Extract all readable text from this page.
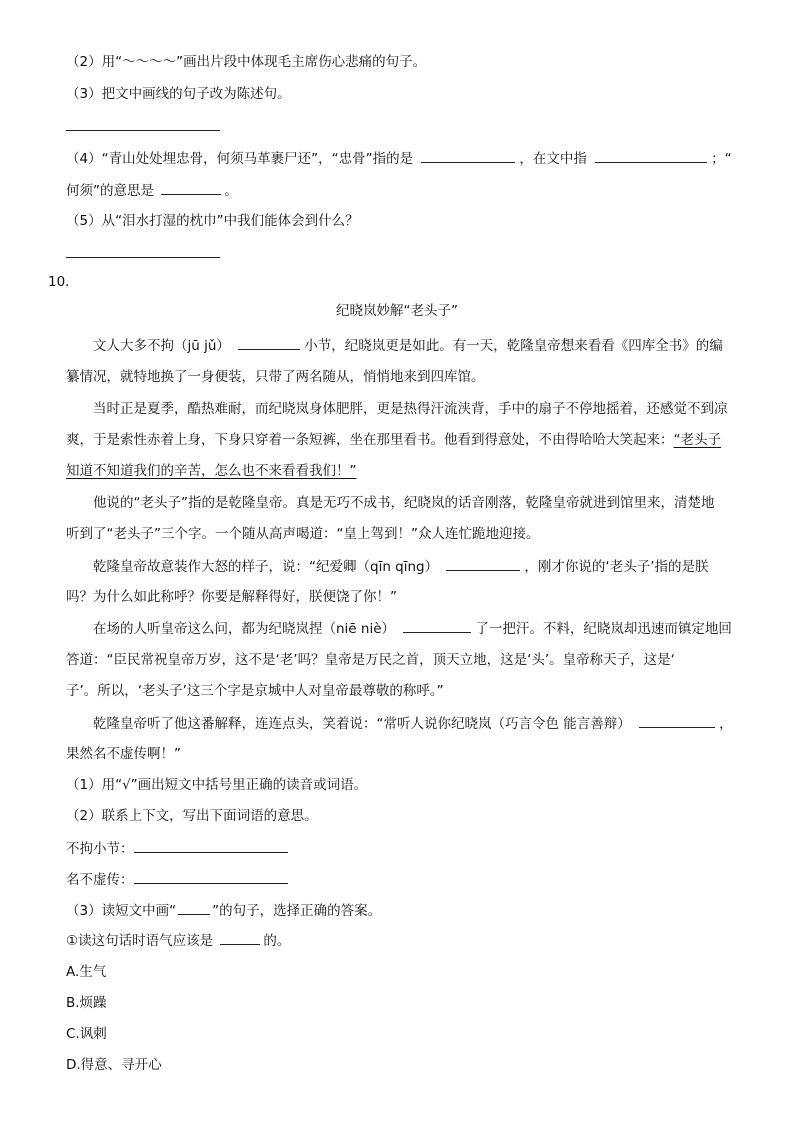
（2）用“～～～～”画出片段中体现毛主席伤心悲痛的句子。
（3）把文中画线的句子改为陈述句。
（4）“青山处处埋忠骨，何须马革裹尸还”，“忠骨”指的是	，在文中指	；“
何须”的意思是	。
（5）从“泪水打湿的枕巾”中我们能体会到什么？
10．
纪晓岚妙解“老头子”
文人大多不拘（jū jǔ）	小节，纪晓岚更是如此。有一天，乾隆皇帝想来看看《四库全书》的编
纂情况，就特地换了一身便装，只带了两名随从，悄悄地来到四库馆。
当时正是夏季，酷热难耐，而纪晓岚身体肥胖，更是热得汗流浃背，手中的扇子不停地摇着，还感觉不到凉
爽，于是索性赤着上身，下身只穿着一条短裤，坐在那里看书。他看到得意处，不由得哈哈大笑起来：“老头子
知道不知道我们的辛苦，怎么也不来看看我们！”
他说的“老头子”指的是乾隆皇帝。真是无巧不成书，纪晓岚的话音刚落，乾隆皇帝就进到馆里来，清楚地
听到了“老头子”三个字。一个随从高声喝道：“皇上驾到！”众人连忙跪地迎接。
乾隆皇帝故意装作大怒的样子，说：“纪爱卿（qīn qīng）	，刚才你说的‘老头子’指的是朕
吗？为什么如此称呼？你要是解释得好，朕便饶了你！”
在场的人听皇帝这么问，都为纪晓岚捏（niē niè）	了一把汗。不料，纪晓岚却迅速而镇定地回
答道：“臣民常祝皇帝万岁，这不是‘老’吗？皇帝是万民之首，顶天立地，这是‘头’。皇帝称天子，这是‘
子’。所以，‘老头子’这三个字是京城中人对皇帝最尊敬的称呼。”
乾隆皇帝听了他这番解释，连连点头，笑着说：“常听人说你纪晓岚（巧言令色 能言善辩）	，
果然名不虚传啊！”
（1）用“√”画出短文中括号里正确的读音或词语。
（2）联系上下文，写出下面词语的意思。
不拘小节：
名不虚传：
（3）读短文中画“	”的句子，选择正确的答案。
①读这句话时语气应该是	的。
A.生气
B.烦躁
C.讽刺
D.得意、寻开心
